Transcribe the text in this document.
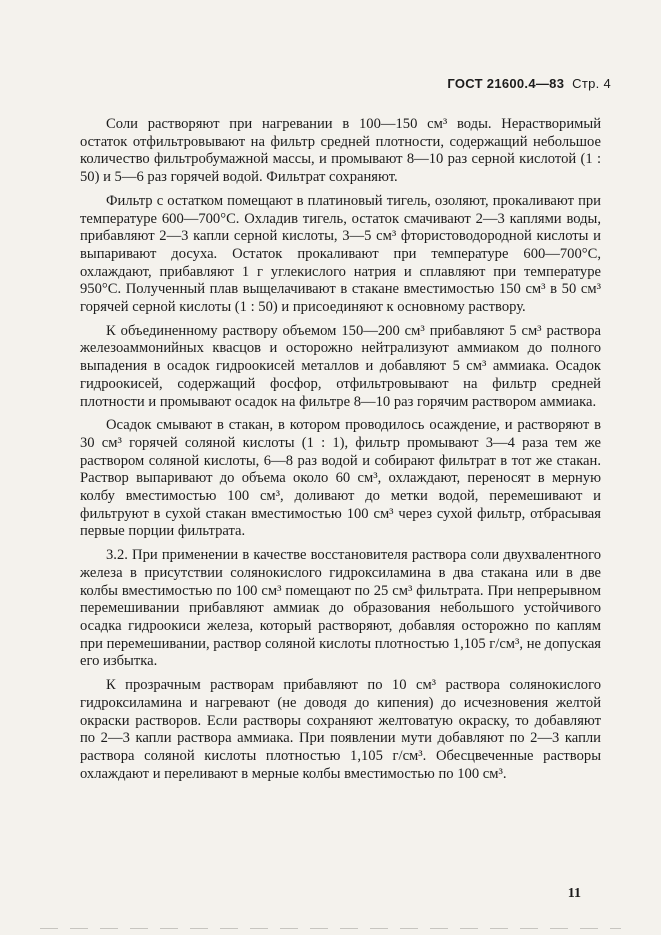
ГОСТ 21600.4—83 Стр. 4

Соли растворяют при нагревании в 100—150 см³ воды. Нерастворимый остаток отфильтровывают на фильтр средней плотности, содержащий небольшое количество фильтробумажной массы, и промывают 8—10 раз серной кислотой (1 : 50) и 5—6 раз горячей водой. Фильтрат сохраняют.

Фильтр с остатком помещают в платиновый тигель, озоляют, прокаливают при температуре 600—700°С. Охладив тигель, остаток смачивают 2—3 каплями воды, прибавляют 2—3 капли серной кислоты, 3—5 см³ фтористоводородной кислоты и выпаривают досуха. Остаток прокаливают при температуре 600—700°С, охлаждают, прибавляют 1 г углекислого натрия и сплавляют при температуре 950°С. Полученный плав выщелачивают в стакане вместимостью 150 см³ в 50 см³ горячей серной кислоты (1 : 50) и присоединяют к основному раствору.

К объединенному раствору объемом 150—200 см³ прибавляют 5 см³ раствора железоаммонийных квасцов и осторожно нейтрализуют аммиаком до полного выпадения в осадок гидроокисей металлов и добавляют 5 см³ аммиака. Осадок гидроокисей, содержащий фосфор, отфильтровывают на фильтр средней плотности и промывают осадок на фильтре 8—10 раз горячим раствором аммиака.

Осадок смывают в стакан, в котором проводилось осаждение, и растворяют в 30 см³ горячей соляной кислоты (1 : 1), фильтр промывают 3—4 раза тем же раствором соляной кислоты, 6—8 раз водой и собирают фильтрат в тот же стакан. Раствор выпаривают до объема около 60 см³, охлаждают, переносят в мерную колбу вместимостью 100 см³, доливают до метки водой, перемешивают и фильтруют в сухой стакан вместимостью 100 см³ через сухой фильтр, отбрасывая первые порции фильтрата.

3.2. При применении в качестве восстановителя раствора соли двухвалентного железа в присутствии солянокислого гидроксиламина в два стакана или в две колбы вместимостью по 100 см³ помещают по 25 см³ фильтрата. При непрерывном перемешивании прибавляют аммиак до образования небольшого устойчивого осадка гидроокиси железа, который растворяют, добавляя осторожно по каплям при перемешивании, раствор соляной кислоты плотностью 1,105 г/см³, не допуская его избытка.

К прозрачным растворам прибавляют по 10 см³ раствора солянокислого гидроксиламина и нагревают (не доводя до кипения) до исчезновения желтой окраски растворов. Если растворы сохраняют желтоватую окраску, то добавляют по 2—3 капли раствора аммиака. При появлении мути добавляют по 2—3 капли раствора соляной кислоты плотностью 1,105 г/см³. Обесцвеченные растворы охлаждают и переливают в мерные колбы вместимостью по 100 см³.

11
